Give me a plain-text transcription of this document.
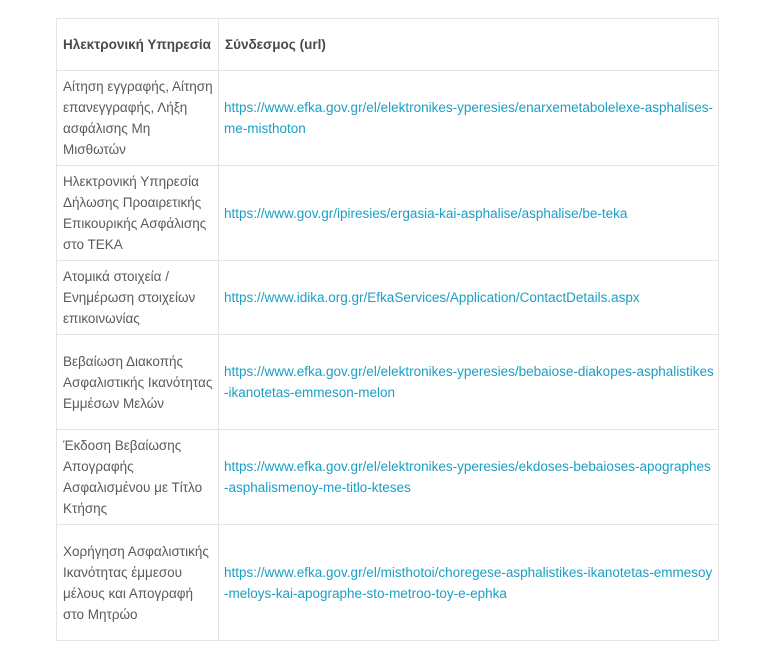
Ηλεκτρονική Υπηρεσία	Σύνδεσμος (url)
Αίτηση εγγραφής, Αίτηση επανεγγραφής, Λήξη ασφάλισης Μη Μισθωτών	https://www.efka.gov.gr/el/elektronikes-yperesies/enarxemetabolelexe-asphalises-me-misthoton
Ηλεκτρονική Υπηρεσία Δήλωσης Προαιρετικής Επικουρικής Ασφάλισης στο ΤΕΚΑ	https://www.gov.gr/ipiresies/ergasia-kai-asphalise/asphalise/be-teka
Ατομικά στοιχεία / Ενημέρωση στοιχείων επικοινωνίας	https://www.idika.org.gr/EfkaServices/Application/ContactDetails.aspx
Βεβαίωση Διακοπής Ασφαλιστικής Ικανότητας Εμμέσων Μελών	https://www.efka.gov.gr/el/elektronikes-yperesies/bebaiose-diakopes-asphalistikes-ikanotetas-emmeson-melon
Έκδοση Βεβαίωσης Απογραφής Ασφαλισμένου με Τίτλο Κτήσης	https://www.efka.gov.gr/el/elektronikes-yperesies/ekdoses-bebaioses-apographes-asphalismenoy-me-titlo-kteses
Χορήγηση Ασφαλιστικής Ικανότητας έμμεσου μέλους και Απογραφή στο Μητρώο	https://www.efka.gov.gr/el/misthotoi/choregese-asphalistikes-ikanotetas-emmesoy-meloys-kai-apographe-sto-metroo-toy-e-ephka
